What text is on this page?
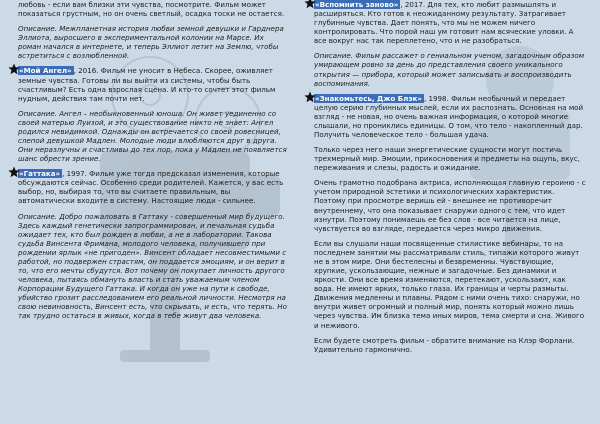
любовь - если вам близки эти чувства, посмотрите. Фильм может показаться грустным, но он очень светлый, осадка тоски не остается.

Описание. Межпланетная история любви земной девушки и Гарднера Эллиота, выросшего в экспериментальной колонии на Марсе. Их роман начался в интернете, и теперь Эллиот летит на Землю, чтобы встретиться с возлюбленной.

«Мой Ангел» , 2016. Фильм не уносит в Небеса. Скорее, оживляет земные чувства. Готовы ли вы выйти из системы, чтобы быть счастливым? Есть одна взрослая сцена. И кто-то сочтет этот фильм нудным, действия там почти нет.

Описание. Ангел – необыкновенный юноша. Он живет уединенно со своей матерью Луизой, и это существование никто не знает: Ангел родился невидимкой. Однажды он встречается со своей ровесницей, слепой девушкой Мадлен. Молодые люди влюбляются друг в друга. Они неразлучны и счастливы до тех пор, пока у Мадлен не появляется шанс обрести зрение.

«Гаттака» , 1997. Фильм уже тогда предсказал изменения, которые обсуждаются сейчас. Особенно среди родителей. Кажется, у вас есть выбор, но, выбирая то, что вы считаете правильным, вы автоматически входите в систему. Настоящие люди - сильнее.

Описание. Добро пожаловать в Гаттаку - совершенный мир будущего. Здесь каждый генетически запрограммирован, и печальная судьба ожидает тех, кто был рожден в любви, а не в лаборатории. Такова судьба Винсента Фримана, молодого человека, получившего при рождении ярлык «не пригоден». Винсент обладает несовместимыми с работой, но подвержен страстям, он поддается эмоциям, и он верит в то, что его мечты сбудутся. Вот почему он покупает личность другого человека, пытаясь обмануть власть и стать уважаемым членом Корпорации Будущего Гаттака. И когда он уже на пути к свободе, убийство грозит расследованием его реальной личности. Несмотря на свою невиновность, Винсент есть, что скрывать, и есть, что терять. Но так трудно остаться в живых, когда в тебе живут два человека.

«Вспомнить заново» , 2017. Для тех, кто любит размышлять и расширяться. Кто готов к неожиданному результату. Затрагивает глубинные чувства. Дает понять, что мы не можем ничего контролировать. Что порой наш ум готовит нам всяческие уловки. А все вокруг нас так переплетено, что и не разобраться.

Описание. Фильм рассажет о гениальном ученом, загадочным образом умирающем ровно за день до представления своего уникального открытия — прибора, который может записывать и воспроизводить воспоминания.

«Знакомьтесь, Джо Блэк» , 1998. Фильм необычный и передает целую серию глубинных мыслей, если их распознать. Основная на мой взгляд - не новая, но очень важная информация, о которой многие слышали, но прониклись единицы. О том, что тело - накопленный дар. Получить человеческое тело - большая удача.

Только через него наши энергетические сущности могут постичь трехмерный мир. Эмоции, прикосновения и предметы на ощупь, вкус, переживания и слезы, радость и ожидание.

Очень грамотно подобрана актриса, исполняющая главную героиню - с учетом природной эстетики и психологических характеристик. Поэтому при просмотре веришь ей - внешнее не противоречит внутреннему, что она показывает снаружи одного с тем, что идет изнутри. Поэтому понимаешь ее без слов - все читается на лице, чувствуется во взгляде, передается через микро движения.

Если вы слушали наши посвященные стилистике вебинары, то на последнем занятии мы рассматривали стиль, типажи которого живут не в этом мире. Они бестелесны и безвременны. Чувствующие, хрупкие, ускользающие, нежные и загадочные. Без динамики и яркости. Они все время изменяются, перетекают, ускользают, как вода. Не имеют ярких, только глаза. Их границы и черты размыты. Движения медленны и плавны. Рядом с ними очень тихо: снаружи, но внутри живет огромный и полный мир, понять который можно лишь через чувства. Им близка тема иных миров, тема смерти и сна. Живого и неживого.

Если будете смотреть фильм - обратите внимание на Клэр Форлани. Удивительно гармонично.
